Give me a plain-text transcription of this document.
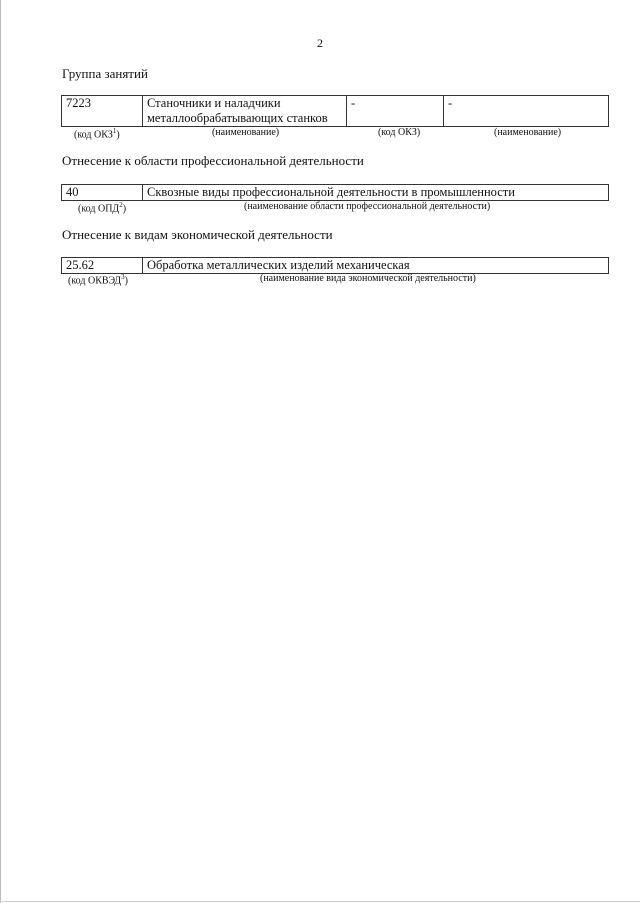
2
Группа занятий
7223	Станочники и наладчики
металлообрабатывающих станков	-	-
(код ОКЗ$^1$)	(наименование)	(код ОКЗ)	(наименование)
Отнесение к области профессиональной деятельности
40	Сквозные виды профессиональной деятельности в промышленности
(код ОПД$^2$)	(наименование области профессиональной деятельности)
Отнесение к видам экономической деятельности
25.62	Обработка металлических изделий механическая
(код ОКВЭД$^3$)	(наименование вида экономической деятельности)
